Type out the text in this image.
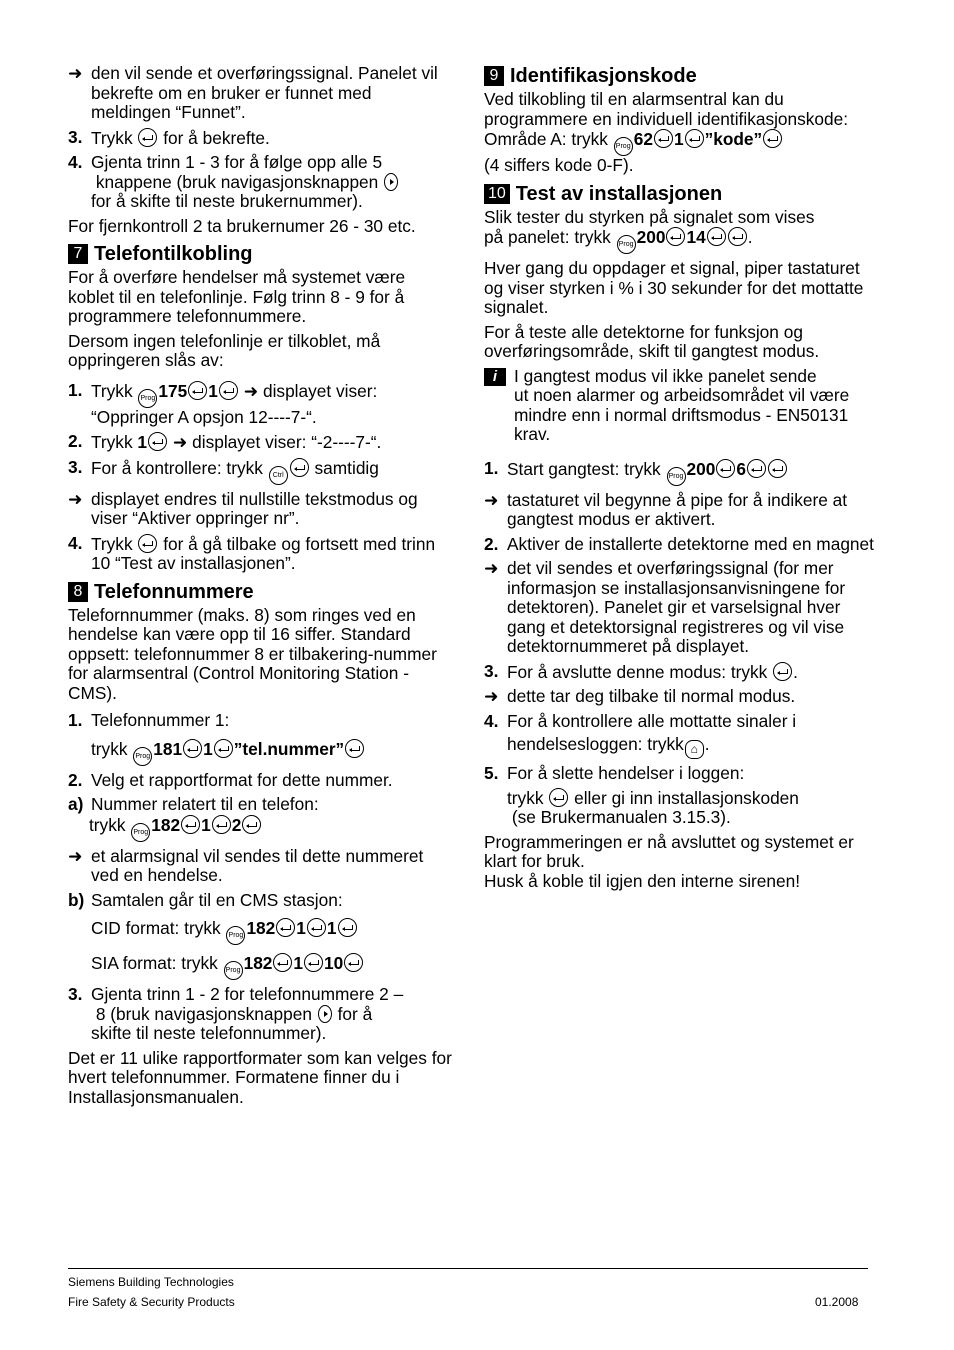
➜ den vil sende et overføringssignal. Panelet vil bekrefte om en bruker er funnet med meldingen “Funnet”.
3. Trykk for å bekrefte.
4. Gjenta trinn 1 - 3 for å følge opp alle 5
knappene (bruk navigasjonsknappen
for å skifte til neste brukernummer).

For fjernkontroll 2 ta brukernumer 26 - 30 etc.

7 Telefontilkobling

For å overføre hendelser må systemet være koblet til en telefonlinje. Følg trinn 8 - 9 for å programmere telefonnummere.

Dersom ingen telefonlinje er tilkoblet, må oppringeren slås av:

1. Trykk Prog 175 1 ➜ displayet viser:
“Oppringer A opsjon 12----7-“.
2. Trykk 1 ➜ displayet viser: “-2----7-“.
3. For å kontrollere: trykk Ctrl samtidig
➜ displayet endres til nullstille tekstmodus og viser “Aktiver oppringer nr”.
4. Trykk for å gå tilbake og fortsett med trinn 10 “Test av installasjonen”.
8 Telefonnummere

Telefornnummer (maks. 8) som ringes ved en hendelse kan være opp til 16 siffer. Standard oppsett: telefonnummer 8 er tilbakering-nummer for alarmsentral (Control Monitoring Station - CMS).

1. Telefonnummer 1:
trykk Prog 181 1 ”tel.nummer”
2. Velg et rapportformat for dette nummer.
a) Nummer relatert til en telefon:
trykk Prog 182 1 2
➜ et alarmsignal vil sendes til dette nummeret ved en hendelse.
b) Samtalen går til en CMS stasjon:
CID format: trykk Prog 182 1 1
SIA format: trykk Prog 182 1 10
3. Gjenta trinn 1 - 2 for telefonnummere 2 –
8 (bruk navigasjonsknappen for å
skifte til neste telefonnummer).

Det er 11 ulike rapportformater som kan velges for hvert telefonnummer. Formatene finner du i Installasjonsmanualen.

9 Identifikasjonskode

Ved tilkobling til en alarmsentral kan du programmere en individuell identifikasjonskode:

Område A: trykk Prog 62 1 ”kode”
(4 siffers kode 0-F).

10 Test av installasjonen

Slik tester du styrken på signalet som vises
på panelet: trykk Prog 200 14 .

Hver gang du oppdager et signal, piper tastaturet og viser styrken i % i 30 sekunder for det mottatte signalet.

For å teste alle detektorne for funksjon og overføringsområde, skift til gangtest modus.

i I gangtest modus vil ikke panelet sende

ut noen alarmer og arbeidsområdet vil være mindre enn i normal driftsmodus - EN50131 krav.
1. Start gangtest: trykk Prog 200 6
➜ tastaturet vil begynne å pipe for å indikere at gangtest modus er aktivert.
2. Aktiver de installerte detektorne med en magnet
➜ det vil sendes et overføringssignal (for mer informasjon se installasjonsanvisningene for detektoren). Panelet gir et varselsignal hver gang et detektorsignal registreres og vil vise detektornummeret på displayet.
3. For å avslutte denne modus: trykk .
➜ dette tar deg tilbake til normal modus.
4. For å kontrollere alle mottatte sinaler i
hendelsesloggen: trykk ⌂ .
5. For å slette hendelser i loggen:
trykk eller gi inn installasjonskoden
(se Brukermanualen 3.15.3).

Programmeringen er nå avsluttet og systemet er klart for bruk.

Husk å koble til igjen den interne sirenen!

Siemens Building Technologies
Fire Safety & Security Products	01.2008
